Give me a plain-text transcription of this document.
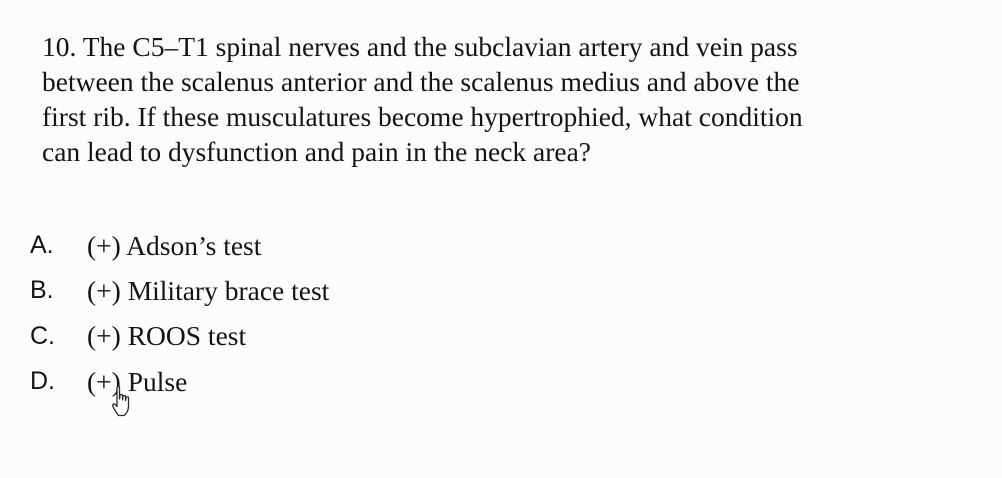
10. The C5–T1 spinal nerves and the subclavian artery and vein pass
between the scalenus anterior and the scalenus medius and above the
first rib. If these musculatures become hypertrophied, what condition
can lead to dysfunction and pain in the neck area?

A.	(+) Adson’s test
B.	(+) Military brace test
C.	(+) ROOS test
D.	(+) Pulse
